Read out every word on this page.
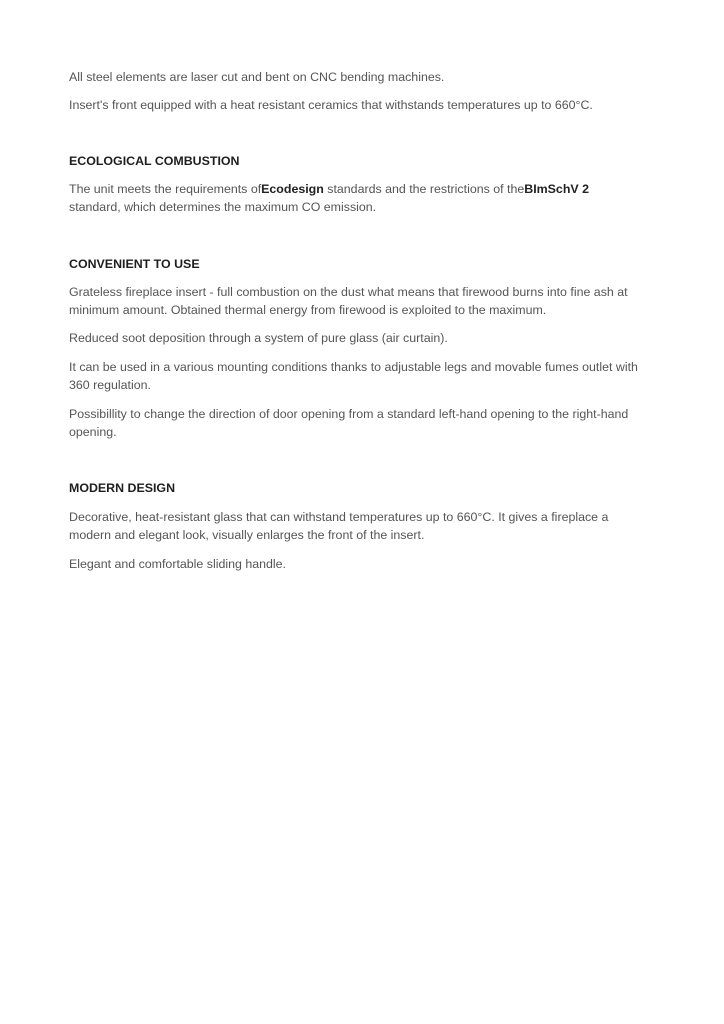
All steel elements are laser cut and bent on CNC bending machines.

Insert's front equipped with a heat resistant ceramics that withstands temperatures up to 660°C.

ECOLOGICAL COMBUSTION

The unit meets the requirements ofEcodesign standards and the restrictions of theBImSchV 2 standard, which determines the maximum CO emission.

CONVENIENT TO USE

Grateless fireplace insert - full combustion on the dust what means that firewood burns into fine ash at minimum amount. Obtained thermal energy from firewood is exploited to the maximum.

Reduced soot deposition through a system of pure glass (air curtain).

It can be used in a various mounting conditions thanks to adjustable legs and movable fumes outlet with 360 regulation.

Possibillity to change the direction of door opening from a standard left-hand opening to the right-hand opening.

MODERN DESIGN

Decorative, heat-resistant glass that can withstand temperatures up to 660°C. It gives a fireplace a modern and elegant look, visually enlarges the front of the insert.

Elegant and comfortable sliding handle.
